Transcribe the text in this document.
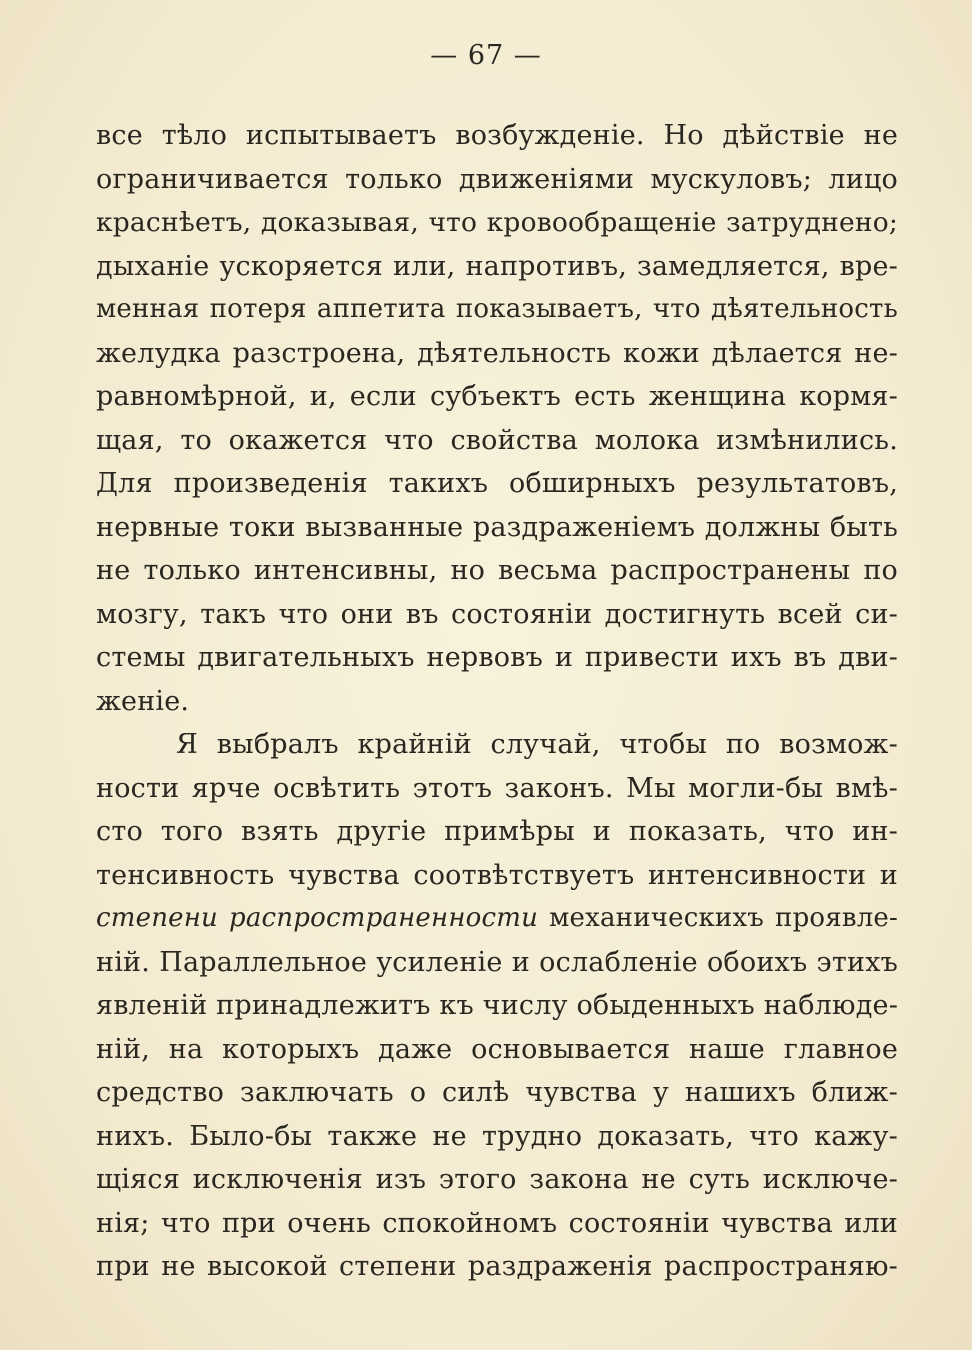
— 67 —
все тѣло испытываетъ возбужденіе. Но дѣйствіе не
ограничивается только движеніями мускуловъ; лицо
краснѣетъ, доказывая, что кровообращеніе затруднено;
дыханіе ускоряется или, напротивъ, замедляется, вре-
менная потеря аппетита показываетъ, что дѣятельность
желудка разстроена, дѣятельность кожи дѣлается не-
равномѣрной, и, если субъектъ есть женщина кормя-
щая, то окажется что свойства молока измѣнились.
Для произведенія такихъ обширныхъ результатовъ,
нервные токи вызванные раздраженіемъ должны быть
не только интенсивны, но весьма распространены по
мозгу, такъ что они въ состояніи достигнуть всей си-
стемы двигательныхъ нервовъ и привести ихъ въ дви-
женіе.
Я выбралъ крайній случай, чтобы по возмож-
ности ярче освѣтить этотъ законъ. Мы могли-бы вмѣ-
сто того взять другіе примѣры и показать, что ин-
тенсивность чувства соотвѣтствуетъ интенсивности и
степени распространенности механическихъ проявле-
ній. Параллельное усиленіе и ослабленіе обоихъ этихъ
явленій принадлежитъ къ числу обыденныхъ наблюде-
ній, на которыхъ даже основывается наше главное
средство заключать о силѣ чувства у нашихъ ближ-
нихъ. Было-бы также не трудно доказать, что кажу-
щіяся исключенія изъ этого закона не суть исключе-
нія; что при очень спокойномъ состояніи чувства или
при не высокой степени раздраженія распространяю-
